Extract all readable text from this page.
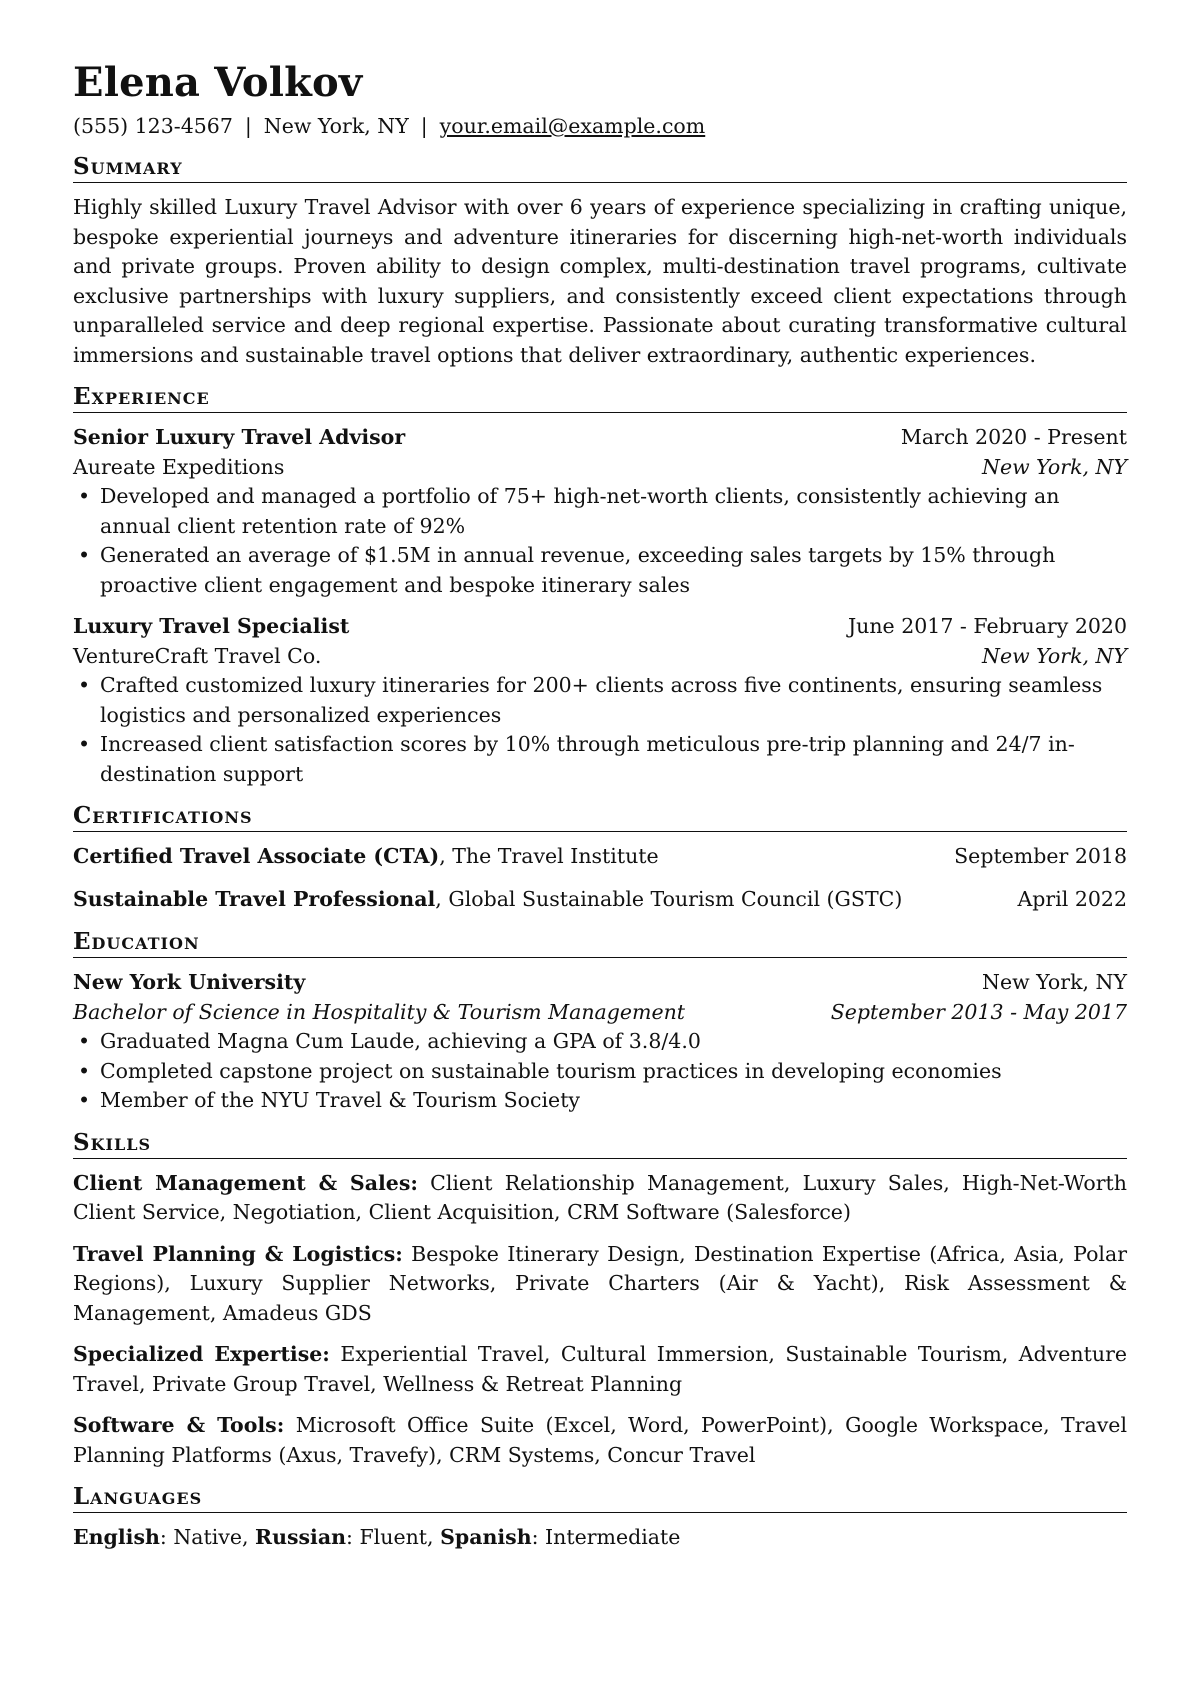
Elena Volkov
(555) 123-4567 | New York, NY | your.email@example.com
Summary

Highly skilled Luxury Travel Advisor with over 6 years of experience specializing in crafting unique, bespoke experiential journeys and adventure itineraries for discerning high-net-worth individuals and private groups. Proven ability to design complex, multi-destination travel programs, cultivate exclusive partnerships with luxury suppliers, and consistently exceed client expectations through unparalleled service and deep regional expertise. Passionate about curating transformative cultural immersions and sustainable travel options that deliver extraordinary, authentic experiences.

Experience
Senior Luxury Travel Advisor	March 2020 - Present
Aureate Expeditions	New York, NY
• Developed and managed a portfolio of 75+ high-net-worth clients, consistently achieving an annual client retention rate of 92%
• Generated an average of $1.5M in annual revenue, exceeding sales targets by 15% through proactive client engagement and bespoke itinerary sales
Luxury Travel Specialist	June 2017 - February 2020
VentureCraft Travel Co.	New York, NY
• Crafted customized luxury itineraries for 200+ clients across five continents, ensuring seamless logistics and personalized experiences
• Increased client satisfaction scores by 10% through meticulous pre-trip planning and 24/7 in-destination support
Certifications
Certified Travel Associate (CTA), The Travel Institute	September 2018
Sustainable Travel Professional, Global Sustainable Tourism Council (GSTC)	April 2022
Education
New York University	New York, NY
Bachelor of Science in Hospitality & Tourism Management	September 2013 - May 2017
• Graduated Magna Cum Laude, achieving a GPA of 3.8/4.0
• Completed capstone project on sustainable tourism practices in developing economies
• Member of the NYU Travel & Tourism Society
Skills

Client Management & Sales: Client Relationship Management, Luxury Sales, High-Net-Worth Client Service, Negotiation, Client Acquisition, CRM Software (Salesforce)

Travel Planning & Logistics: Bespoke Itinerary Design, Destination Expertise (Africa, Asia, Polar Regions), Luxury Supplier Networks, Private Charters (Air & Yacht), Risk Assessment & Management, Amadeus GDS

Specialized Expertise: Experiential Travel, Cultural Immersion, Sustainable Tourism, Adventure Travel, Private Group Travel, Wellness & Retreat Planning

Software & Tools: Microsoft Office Suite (Excel, Word, PowerPoint), Google Workspace, Travel Planning Platforms (Axus, Travefy), CRM Systems, Concur Travel

Languages

English: Native, Russian: Fluent, Spanish: Intermediate
